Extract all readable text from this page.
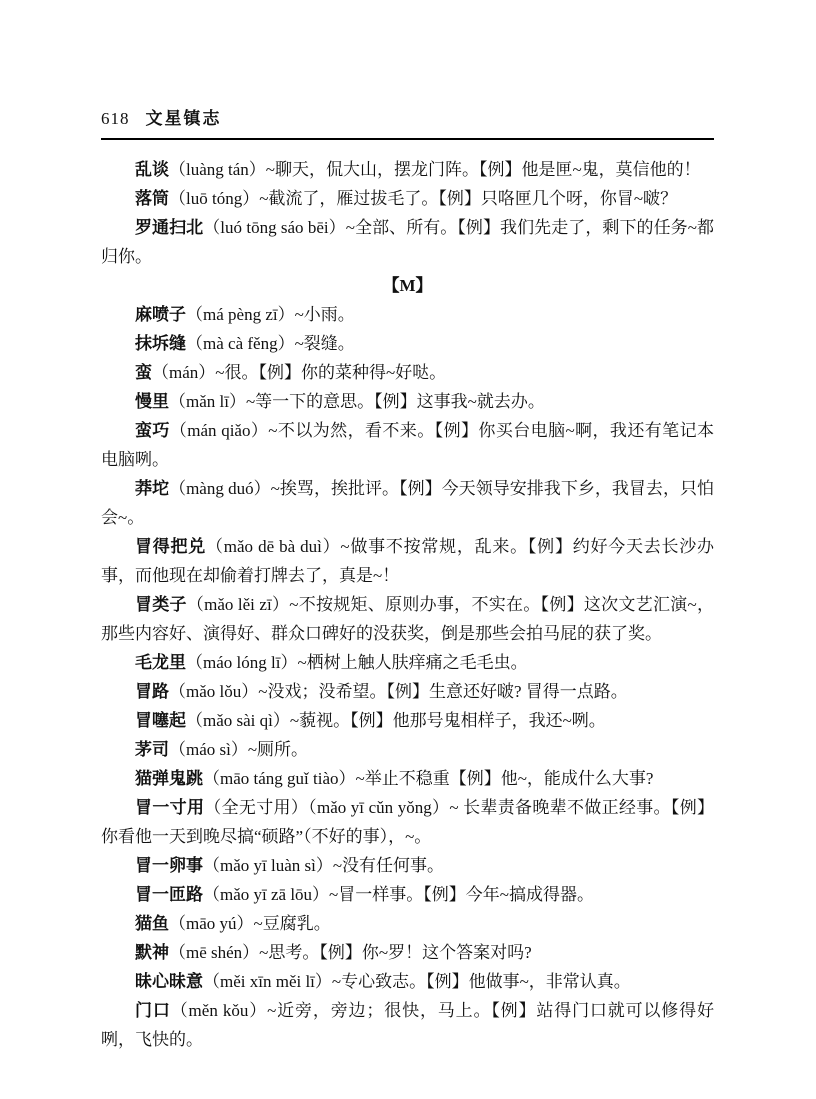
618 文星镇志

乱谈（luàng tán）~聊天，侃大山，摆龙门阵。【例】他是匣~鬼，莫信他的！

落筒（luō tóng）~截流了，雁过拔毛了。【例】只咯匣几个呀，你冒~啵？

罗通扫北（luó tōng sáo bēi）~全部、所有。【例】我们先走了，剩下的任务~都归你。

【M】

麻喷子（má pèng zī）~小雨。

抹坼缝（mà cà fěng）~裂缝。

蛮（mán）~很。【例】你的菜种得~好哒。

慢里（mǎn lī）~等一下的意思。【例】这事我~就去办。

蛮巧（mán qiǎo）~不以为然，看不来。【例】你买台电脑~啊，我还有笔记本电脑咧。

莽坨（màng duó）~挨骂，挨批评。【例】今天领导安排我下乡，我冒去，只怕会~。

冒得把兑（mǎo dē bà duì）~做事不按常规，乱来。【例】约好今天去长沙办事，而他现在却偷着打牌去了，真是~！

冒类子（mǎo lěi zī）~不按规矩、原则办事，不实在。【例】这次文艺汇演~，那些内容好、演得好、群众口碑好的没获奖，倒是那些会拍马屁的获了奖。

毛龙里（máo lóng lī）~栖树上触人肤痒痛之毛毛虫。

冒路（mǎo lǒu）~没戏；没希望。【例】生意还好啵? 冒得一点路。

冒噻起（mǎo sài qì）~藐视。【例】他那号鬼相样子，我还~咧。

茅司（máo sì）~厕所。

猫弹鬼跳（māo táng guǐ tiào）~举止不稳重【例】他~，能成什么大事?

冒一寸用（全无寸用）（mǎo yī cǔn yǒng）~ 长辈责备晚辈不做正经事。【例】你看他一天到晚尽搞“硕路”（不好的事），~。

冒一卵事（mǎo yī luàn sì）~没有任何事。

冒一匝路（mǎo yī zā lōu）~冒一样事。【例】今年~搞成得器。

猫鱼（māo yú）~豆腐乳。

默神（mē shén）~思考。【例】你~罗！这个答案对吗?

昧心昧意（měi xīn měi lī）~专心致志。【例】他做事~，非常认真。

门口（měn kǒu）~近旁，旁边；很快，马上。【例】站得门口就可以修得好咧，飞快的。
